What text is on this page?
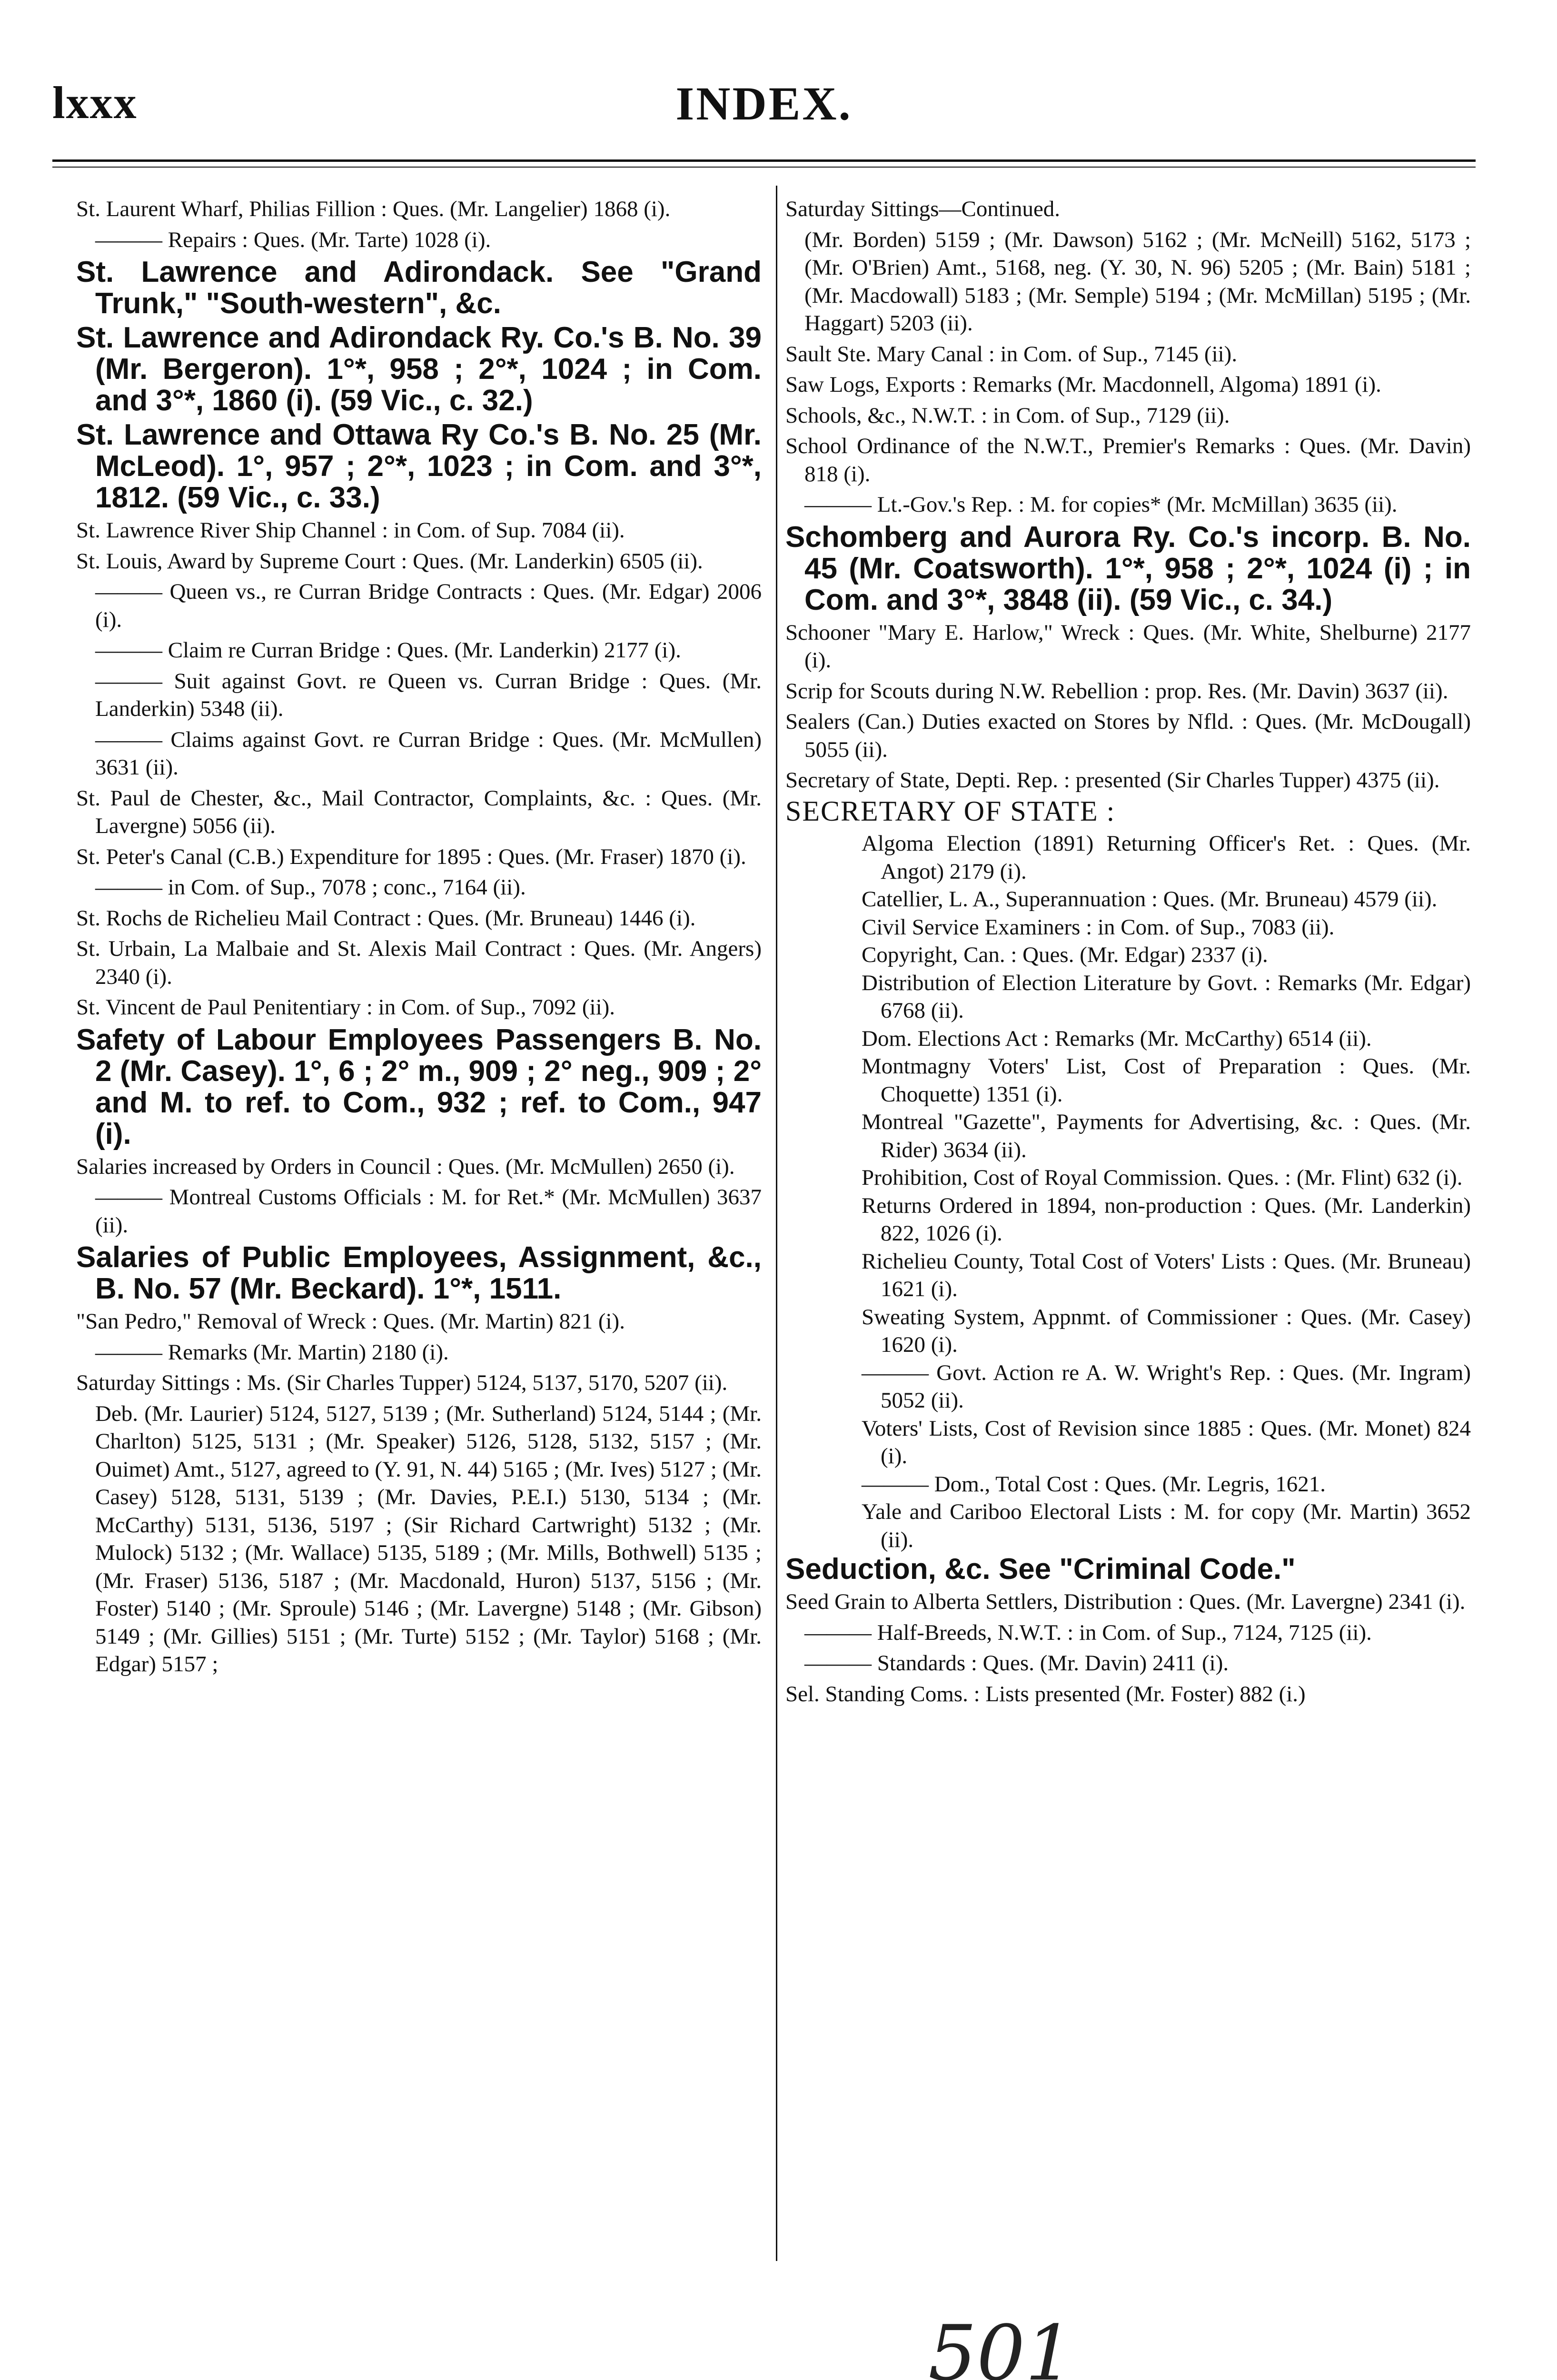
lxxx	INDEX.

St. Laurent Wharf, Philias Fillion : Ques. (Mr. Langelier) 1868 (i).

——— Repairs : Ques. (Mr. Tarte) 1028 (i).

St. Lawrence and Adirondack. See "Grand Trunk," "South-western", &c.

St. Lawrence and Adirondack Ry. Co.'s B. No. 39 (Mr. Bergeron). 1°*, 958 ; 2°*, 1024 ; in Com. and 3°*, 1860 (i). (59 Vic., c. 32.)

St. Lawrence and Ottawa Ry Co.'s B. No. 25 (Mr. McLeod). 1°, 957 ; 2°*, 1023 ; in Com. and 3°*, 1812. (59 Vic., c. 33.)

St. Lawrence River Ship Channel : in Com. of Sup. 7084 (ii).

St. Louis, Award by Supreme Court : Ques. (Mr. Landerkin) 6505 (ii).

——— Queen vs., re Curran Bridge Contracts : Ques. (Mr. Edgar) 2006 (i).

——— Claim re Curran Bridge : Ques. (Mr. Landerkin) 2177 (i).

——— Suit against Govt. re Queen vs. Curran Bridge : Ques. (Mr. Landerkin) 5348 (ii).

——— Claims against Govt. re Curran Bridge : Ques. (Mr. McMullen) 3631 (ii).

St. Paul de Chester, &c., Mail Contractor, Complaints, &c. : Ques. (Mr. Lavergne) 5056 (ii).

St. Peter's Canal (C.B.) Expenditure for 1895 : Ques. (Mr. Fraser) 1870 (i).

——— in Com. of Sup., 7078 ; conc., 7164 (ii).

St. Rochs de Richelieu Mail Contract : Ques. (Mr. Bruneau) 1446 (i).

St. Urbain, La Malbaie and St. Alexis Mail Contract : Ques. (Mr. Angers) 2340 (i).

St. Vincent de Paul Penitentiary : in Com. of Sup., 7092 (ii).

Safety of Labour Employees Passengers B. No. 2 (Mr. Casey). 1°, 6 ; 2° m., 909 ; 2° neg., 909 ; 2° and M. to ref. to Com., 932 ; ref. to Com., 947 (i).

Salaries increased by Orders in Council : Ques. (Mr. McMullen) 2650 (i).

——— Montreal Customs Officials : M. for Ret.* (Mr. McMullen) 3637 (ii).

Salaries of Public Employees, Assignment, &c., B. No. 57 (Mr. Beckard). 1°*, 1511.

"San Pedro," Removal of Wreck : Ques. (Mr. Martin) 821 (i).

——— Remarks (Mr. Martin) 2180 (i).

Saturday Sittings : Ms. (Sir Charles Tupper) 5124, 5137, 5170, 5207 (ii).

Deb. (Mr. Laurier) 5124, 5127, 5139 ; (Mr. Sutherland) 5124, 5144 ; (Mr. Charlton) 5125, 5131 ; (Mr. Speaker) 5126, 5128, 5132, 5157 ; (Mr. Ouimet) Amt., 5127, agreed to (Y. 91, N. 44) 5165 ; (Mr. Ives) 5127 ; (Mr. Casey) 5128, 5131, 5139 ; (Mr. Davies, P.E.I.) 5130, 5134 ; (Mr. McCarthy) 5131, 5136, 5197 ; (Sir Richard Cartwright) 5132 ; (Mr. Mulock) 5132 ; (Mr. Wallace) 5135, 5189 ; (Mr. Mills, Bothwell) 5135 ; (Mr. Fraser) 5136, 5187 ; (Mr. Macdonald, Huron) 5137, 5156 ; (Mr. Foster) 5140 ; (Mr. Sproule) 5146 ; (Mr. Lavergne) 5148 ; (Mr. Gibson) 5149 ; (Mr. Gillies) 5151 ; (Mr. Turte) 5152 ; (Mr. Taylor) 5168 ; (Mr. Edgar) 5157 ;

Saturday Sittings—Continued.

(Mr. Borden) 5159 ; (Mr. Dawson) 5162 ; (Mr. McNeill) 5162, 5173 ; (Mr. O'Brien) Amt., 5168, neg. (Y. 30, N. 96) 5205 ; (Mr. Bain) 5181 ; (Mr. Macdowall) 5183 ; (Mr. Semple) 5194 ; (Mr. McMillan) 5195 ; (Mr. Haggart) 5203 (ii).

Sault Ste. Mary Canal : in Com. of Sup., 7145 (ii).

Saw Logs, Exports : Remarks (Mr. Macdonnell, Algoma) 1891 (i).

Schools, &c., N.W.T. : in Com. of Sup., 7129 (ii).

School Ordinance of the N.W.T., Premier's Remarks : Ques. (Mr. Davin) 818 (i).

——— Lt.-Gov.'s Rep. : M. for copies* (Mr. McMillan) 3635 (ii).

Schomberg and Aurora Ry. Co.'s incorp. B. No. 45 (Mr. Coatsworth). 1°*, 958 ; 2°*, 1024 (i) ; in Com. and 3°*, 3848 (ii). (59 Vic., c. 34.)

Schooner "Mary E. Harlow," Wreck : Ques. (Mr. White, Shelburne) 2177 (i).

Scrip for Scouts during N.W. Rebellion : prop. Res. (Mr. Davin) 3637 (ii).

Sealers (Can.) Duties exacted on Stores by Nfld. : Ques. (Mr. McDougall) 5055 (ii).

Secretary of State, Depti. Rep. : presented (Sir Charles Tupper) 4375 (ii).

SECRETARY OF STATE :

Algoma Election (1891) Returning Officer's Ret. : Ques. (Mr. Angot) 2179 (i).

Catellier, L. A., Superannuation : Ques. (Mr. Bruneau) 4579 (ii).

Civil Service Examiners : in Com. of Sup., 7083 (ii).

Copyright, Can. : Ques. (Mr. Edgar) 2337 (i).

Distribution of Election Literature by Govt. : Remarks (Mr. Edgar) 6768 (ii).

Dom. Elections Act : Remarks (Mr. McCarthy) 6514 (ii).

Montmagny Voters' List, Cost of Preparation : Ques. (Mr. Choquette) 1351 (i).

Montreal "Gazette", Payments for Advertising, &c. : Ques. (Mr. Rider) 3634 (ii).

Prohibition, Cost of Royal Commission. Ques. : (Mr. Flint) 632 (i).

Returns Ordered in 1894, non-production : Ques. (Mr. Landerkin) 822, 1026 (i).

Richelieu County, Total Cost of Voters' Lists : Ques. (Mr. Bruneau) 1621 (i).

Sweating System, Appnmt. of Commissioner : Ques. (Mr. Casey) 1620 (i).

——— Govt. Action re A. W. Wright's Rep. : Ques. (Mr. Ingram) 5052 (ii).

Voters' Lists, Cost of Revision since 1885 : Ques. (Mr. Monet) 824 (i).

——— Dom., Total Cost : Ques. (Mr. Legris, 1621.

Yale and Cariboo Electoral Lists : M. for copy (Mr. Martin) 3652 (ii).

Seduction, &c. See "Criminal Code."

Seed Grain to Alberta Settlers, Distribution : Ques. (Mr. Lavergne) 2341 (i).

——— Half-Breeds, N.W.T. : in Com. of Sup., 7124, 7125 (ii).

——— Standards : Ques. (Mr. Davin) 2411 (i).

Sel. Standing Coms. : Lists presented (Mr. Foster) 882 (i.)

501
